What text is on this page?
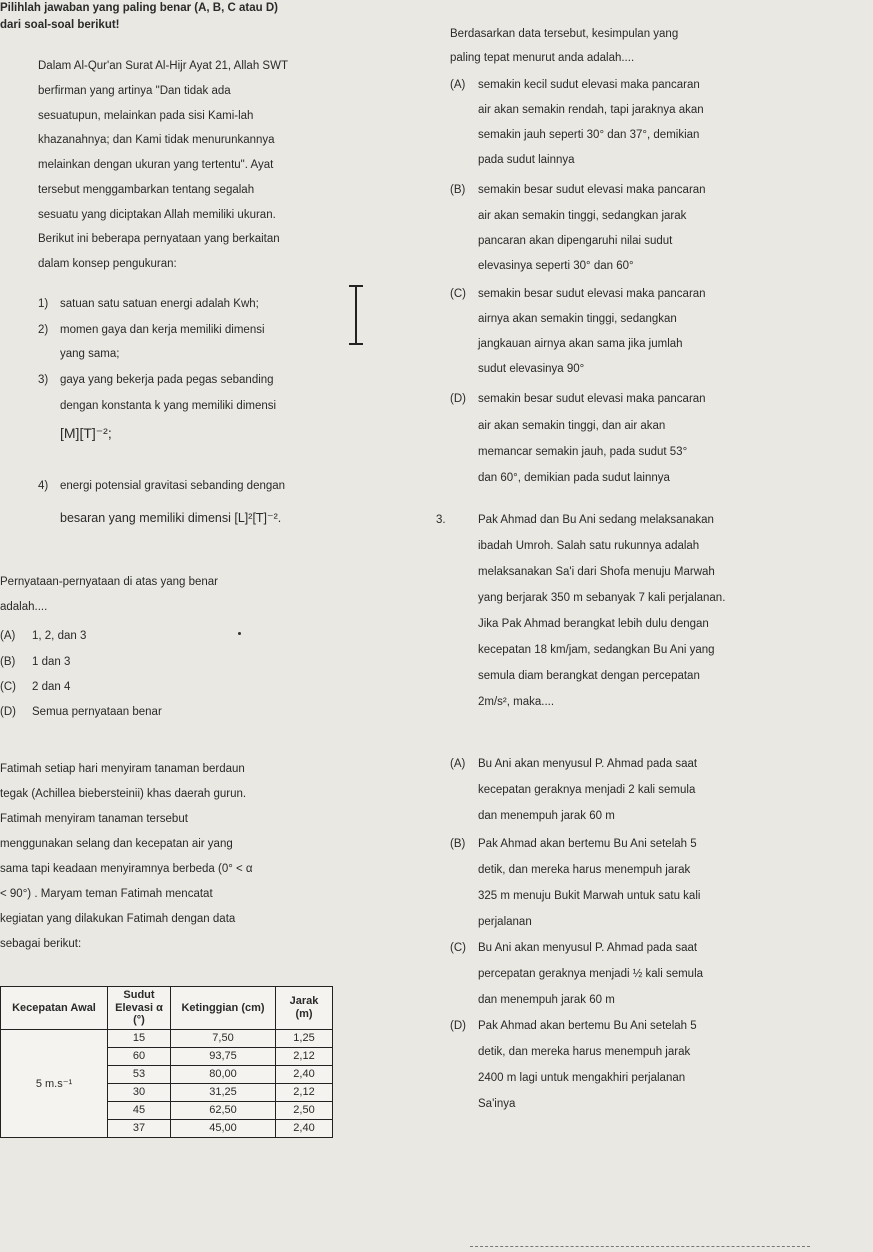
Pilihlah jawaban yang paling benar (A, B, C atau D)
dari soal-soal berikut!
Dalam Al-Qur'an Surat Al-Hijr Ayat 21, Allah SWT
berfirman yang artinya "Dan tidak ada
sesuatupun, melainkan pada sisi Kami-lah
khazanahnya; dan Kami tidak menurunkannya
melainkan dengan ukuran yang tertentu". Ayat
tersebut menggambarkan tentang segalah
sesuatu yang diciptakan Allah memiliki ukuran.
Berikut ini beberapa pernyataan yang berkaitan
dalam konsep pengukuran:
1) satuan satu satuan energi adalah Kwh;
2) momen gaya dan kerja memiliki dimensi
yang sama;
3) gaya yang bekerja pada pegas sebanding
dengan konstanta k yang memiliki dimensi
[M][T]⁻²;
4) energi potensial gravitasi sebanding dengan
besaran yang memiliki dimensi [L]²[T]⁻².
Pernyataan-pernyataan di atas yang benar
adalah....
(A) 1, 2, dan 3
(B) 1 dan 3
(C) 2 dan 4
(D) Semua pernyataan benar
Fatimah setiap hari menyiram tanaman berdaun
tegak (Achillea biebersteinii) khas daerah gurun.
Fatimah menyiram tanaman tersebut
menggunakan selang dan kecepatan air yang
sama tapi keadaan menyiramnya berbeda (0° < α
< 90°) . Maryam teman Fatimah mencatat
kegiatan yang dilakukan Fatimah dengan data
sebagai berikut:
Kecepatan Awal	Sudut Elevasi α (°)	Ketinggian (cm)	Jarak (m)
5 m.s⁻¹	15	7,50	1,25
	60	93,75	2,12
	53	80,00	2,40
	30	31,25	2,12
	45	62,50	2,50
	37	45,00	2,40
Berdasarkan data tersebut, kesimpulan yang
paling tepat menurut anda adalah....
(A) semakin kecil sudut elevasi maka pancaran
air akan semakin rendah, tapi jaraknya akan
semakin jauh seperti 30° dan 37°, demikian
pada sudut lainnya
(B) semakin besar sudut elevasi maka pancaran
air akan semakin tinggi, sedangkan jarak
pancaran akan dipengaruhi nilai sudut
elevasinya seperti 30° dan 60°
(C) semakin besar sudut elevasi maka pancaran
airnya akan semakin tinggi, sedangkan
jangkauan airnya akan sama jika jumlah
sudut elevasinya 90°
(D) semakin besar sudut elevasi maka pancaran
air akan semakin tinggi, dan air akan
memancar semakin jauh, pada sudut 53°
dan 60°, demikian pada sudut lainnya
3.	Pak Ahmad dan Bu Ani sedang melaksanakan
ibadah Umroh. Salah satu rukunnya adalah
melaksanakan Sa'i dari Shofa menuju Marwah
yang berjarak 350 m sebanyak 7 kali perjalanan.
Jika Pak Ahmad berangkat lebih dulu dengan
kecepatan 18 km/jam, sedangkan Bu Ani yang
semula diam berangkat dengan percepatan
2m/s², maka....
(A) Bu Ani akan menyusul P. Ahmad pada saat
kecepatan geraknya menjadi 2 kali semula
dan menempuh jarak 60 m
(B) Pak Ahmad akan bertemu Bu Ani setelah 5
detik, dan mereka harus menempuh jarak
325 m menuju Bukit Marwah untuk satu kali
perjalanan
(C) Bu Ani akan menyusul P. Ahmad pada saat
percepatan geraknya menjadi ½ kali semula
dan menempuh jarak 60 m
(D) Pak Ahmad akan bertemu Bu Ani setelah 5
detik, dan mereka harus menempuh jarak
2400 m lagi untuk mengakhiri perjalanan
Sa'inya
